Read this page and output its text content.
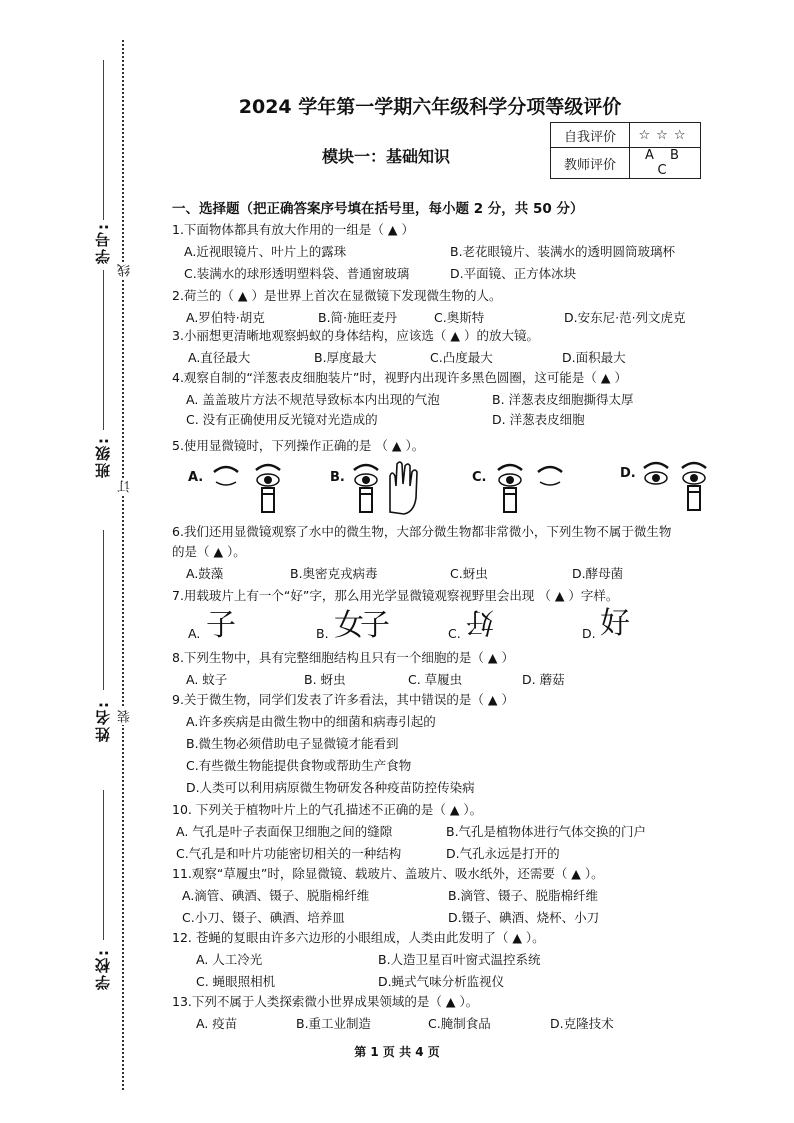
学号:
班级:
姓名:
学校:
线
订
装
2024 学年第一学期六年级科学分项等级评价
模块一：基础知识
自我评价	☆☆☆
教师评价	A B C
一、选择题（把正确答案序号填在括号里，每小题 2 分，共 50 分）
1.下面物体都具有放大作用的一组是（ ▲ ）
A.近视眼镜片、叶片上的露珠	B.老花眼镜片、装满水的透明圆筒玻璃杯
C.装满水的球形透明塑料袋、普通窗玻璃	D.平面镜、正方体冰块
2.荷兰的（ ▲ ）是世界上首次在显微镜下发现微生物的人。
A.罗伯特·胡克	B.简·施旺麦丹	C.奥斯特	D.安东尼·范·列文虎克
3.小丽想更清晰地观察蚂蚁的身体结构，应该选（ ▲ ）的放大镜。
A.直径最大	B.厚度最大	C.凸度最大	D.面积最大
4.观察自制的“洋葱表皮细胞装片”时，视野内出现许多黑色圆圈，这可能是（ ▲ ）
A. 盖盖玻片方法不规范导致标本内出现的气泡	B. 洋葱表皮细胞撕得太厚
C. 没有正确使用反光镜对光造成的	D. 洋葱表皮细胞
5.使用显微镜时，下列操作正确的是 （ ▲ ）。
A.	B.	C.	D.
6.我们还用显微镜观察了水中的微生物，大部分微生物都非常微小，下列生物不属于微生物
的是（ ▲ ）。
A.鼓藻	B.奥密克戎病毒	C.蚜虫	D.酵母菌
7.用载玻片上有一个“好”字，那么用光学显微镜观察视野里会出现 （ ▲ ）字样。
A. 子	B. 女子	C. 好	D. 好
8.下列生物中，具有完整细胞结构且只有一个细胞的是（ ▲ ）
A. 蚊子	B. 蚜虫	C. 草履虫	D. 蘑菇
9.关于微生物，同学们发表了许多看法，其中错误的是（ ▲ ）
A.许多疾病是由微生物中的细菌和病毒引起的
B.微生物必须借助电子显微镜才能看到
C.有些微生物能提供食物或帮助生产食物
D.人类可以利用病原微生物研发各种疫苗防控传染病
10. 下列关于植物叶片上的气孔描述不正确的是（ ▲ ）。
A. 气孔是叶子表面保卫细胞之间的缝隙	B.气孔是植物体进行气体交换的门户
C.气孔是和叶片功能密切相关的一种结构	D.气孔永远是打开的
11.观察“草履虫”时，除显微镜、载玻片、盖玻片、吸水纸外，还需要（ ▲ ）。
A.滴管、碘酒、镊子、脱脂棉纤维	B.滴管、镊子、脱脂棉纤维
C.小刀、镊子、碘酒、培养皿	D.镊子、碘酒、烧杯、小刀
12. 苍蝇的复眼由许多六边形的小眼组成，人类由此发明了（ ▲ ）。
A. 人工冷光	B.人造卫星百叶窗式温控系统
C. 蝇眼照相机	D.蝇式气味分析监视仪
13.下列不属于人类探索微小世界成果领域的是（ ▲ ）。
A. 疫苗	B.重工业制造	C.腌制食品	D.克隆技术
第 1 页 共 4 页
